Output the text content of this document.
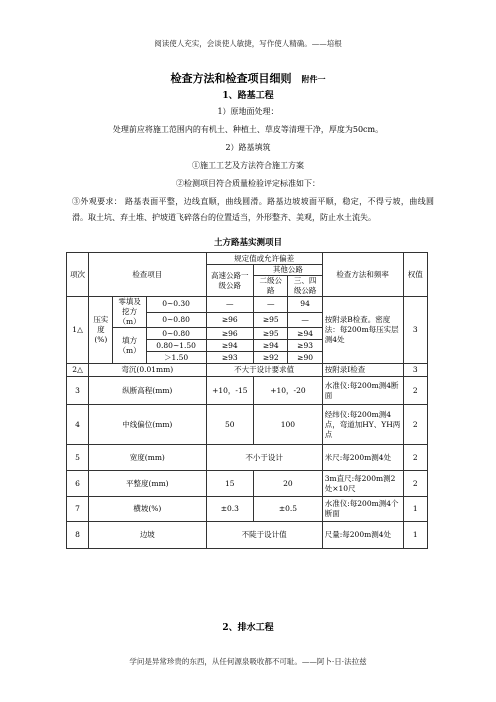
阅读使人充实，会谈使人敏捷，写作使人精确。——培根
检查方法和检查项目细则 附件一
1、路基工程
1）原地面处理：
处理前应将施工范围内的有机土、种植土、草皮等清理干净，厚度为50cm。
2）路基填筑
①施工工艺及方法符合施工方案
②检测项目符合质量检验评定标准如下：
③外观要求： 路基表面平整，边线直顺，曲线圆滑。路基边坡坡面平顺，稳定，不得亏坡，曲线圆滑。取土坑、弃土堆、护坡道飞碎落台的位置适当，外形整齐、美观，防止水土流失。
土方路基实测项目
项次	检查项目			规定值或允许偏差			检查方法和频率	权值
				高速公路一级公路	其他公路			
					二级公路	三、四级公路		
1△	压实度(%)	零填及挖方（m）	0~0.30	—	—	94	按附录B检查。密度法：每200m每压实层测4处	3
			0~0.80	≥96	≥95	—		
		填方（m）	0~0.80	≥96	≥95	≥94		
			0.80~1.50	≥94	≥94	≥93		
			＞1.50	≥93	≥92	≥90		
2△	弯沉(0.01mm)			不大于设计要求值			按附录I检查	3
3	纵断高程(mm)			+10，-15	+10，-20		水准仪:每200m测4断面	2
4	中线偏位(mm)			50	100		经纬仪:每200m测4点，弯道加HY、YH两点	2
5	宽度(mm)			不小于设计			米尺:每200m测4处	2
6	平整度(mm)			15	20		3m直尺:每200m测2处×10尺	2
7	横坡(%)			±0.3	±0.5		水准仪:每200m测4个断面	1
8	边坡			不陡于设计值			尺量:每200m测4处	1
2、排水工程
学问是异常珍贵的东西，从任何源泉吸收都不可耻。——阿卜·日·法拉兹
